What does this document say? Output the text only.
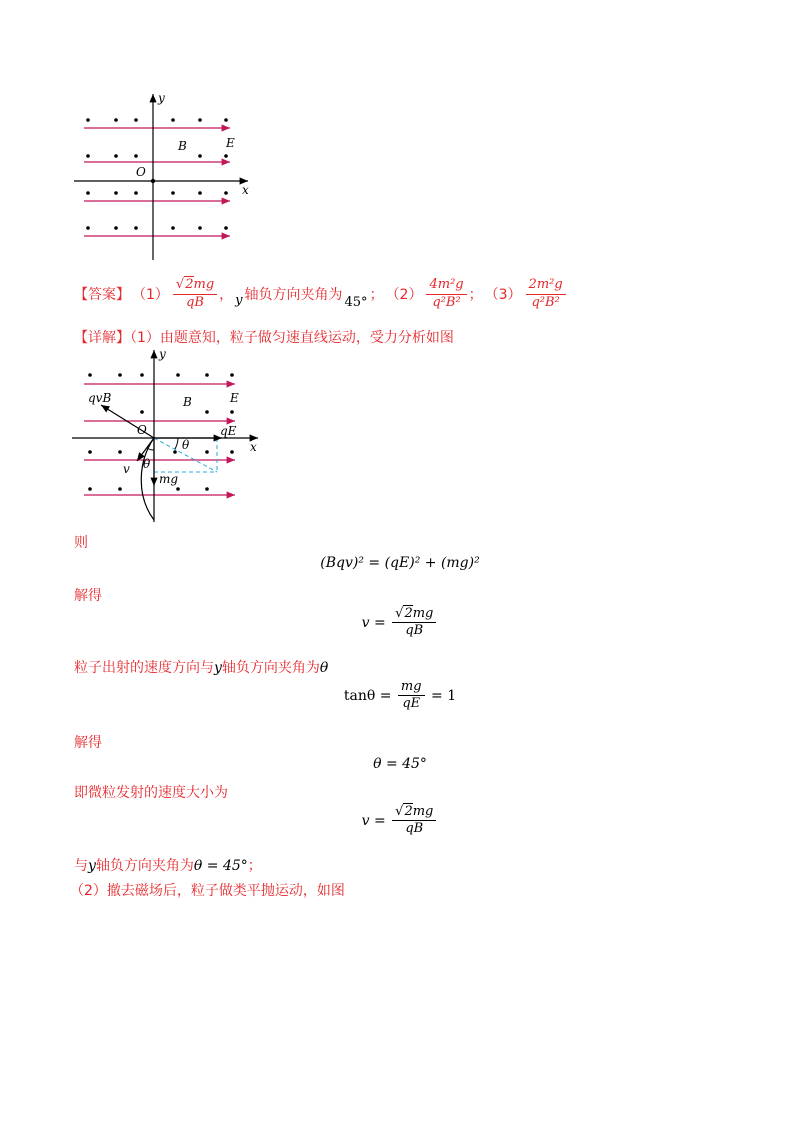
y
x
O
B	E
【答案】 $(1) \frac{√2mg}{qB}$ ， y 轴负方向夹角为 45° ； $(2) \frac{\text{4m²g}}{\text{q²B²}}$ ； $(3) \frac{\text{2m²g}}{\text{q²B²}}$
【详解】（1）由题意知，粒子做匀速直线运动，受力分析如图
y
x
O
B	E
qvB
qE
v
mg
θ
θ
则
(Bqv)² = (qE)² + (mg)²
解得
$v = \frac{√2mg}{qB}$
粒子出射的速度方向与y轴负方向夹角为θ
$\tan\theta = \frac{mg}{qE} = 1$
解得
θ = 45°
即微粒发射的速度大小为
$v = \frac{√2mg}{qB}$
与y轴负方向夹角为θ = 45°；
（2）撤去磁场后，粒子做类平抛运动，如图
